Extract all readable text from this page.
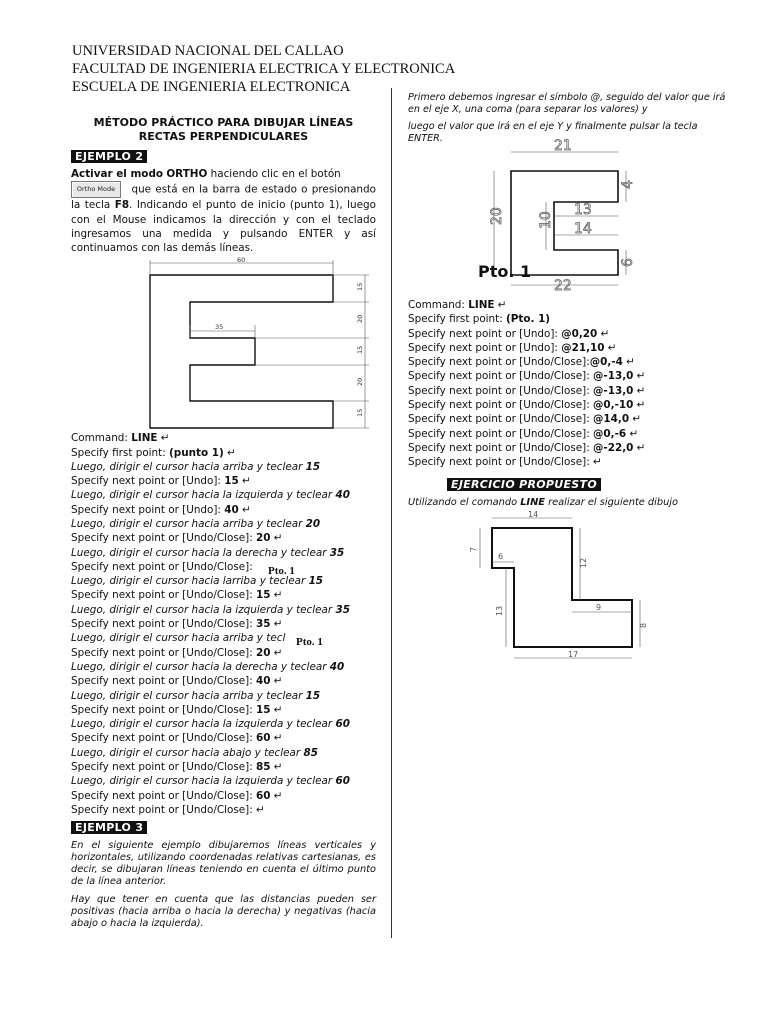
UNIVERSIDAD NACIONAL DEL CALLAO
FACULTAD DE INGENIERIA ELECTRICA Y ELECTRONICA
ESCUELA DE INGENIERIA ELECTRONICA
MÉTODO PRÁCTICO PARA DIBUJAR LÍNEAS
RECTAS PERPENDICULARES
EJEMPLO 2
Activar el modo ORTHO haciendo clic en el botón
Ortho Mode que está en la barra de estado o presionando la tecla F8. Indicando el punto de inicio (punto 1), luego con el Mouse indicamos la dirección y con el teclado ingresamos una medida y pulsando ENTER y así continuamos con las demás líneas.
60
35
15
20
15
20
15
Command: LINE ↵
Specify first point: (punto 1) ↵
Luego, dirigir el cursor hacia arriba y teclear 15
Specify next point or [Undo]: 15 ↵
Luego, dirigir el cursor hacia la izquierda y teclear 40
Specify next point or [Undo]: 40 ↵
Luego, dirigir el cursor hacia arriba y teclear 20
Specify next point or [Undo/Close]: 20 ↵
Luego, dirigir el cursor hacia la derecha y teclear 35
Specify next point or [Undo/Close]:
Luego, dirigir el cursor hacia larriba y teclear 15
Specify next point or [Undo/Close]: 15 ↵
Luego, dirigir el cursor hacia la izquierda y teclear 35
Specify next point or [Undo/Close]: 35 ↵
Luego, dirigir el cursor hacia arriba y tecl
Specify next point or [Undo/Close]: 20 ↵
Luego, dirigir el cursor hacia la derecha y teclear 40
Specify next point or [Undo/Close]: 40 ↵
Luego, dirigir el cursor hacia arriba y teclear 15
Specify next point or [Undo/Close]: 15 ↵
Luego, dirigir el cursor hacia la izquierda y teclear 60
Specify next point or [Undo/Close]: 60 ↵
Luego, dirigir el cursor hacia abajo y teclear 85
Specify next point or [Undo/Close]: 85 ↵
Luego, dirigir el cursor hacia la izquierda y teclear 60
Specify next point or [Undo/Close]: 60 ↵
Specify next point or [Undo/Close]: ↵
EJEMPLO 3
En el siguiente ejemplo dibujaremos líneas verticales y horizontales, utilizando coordenadas relativas cartesianas, es decir, se dibujaran líneas teniendo en cuenta el último punto de la línea anterior.
Hay que tener en cuenta que las distancias pueden ser positivas (hacia arriba o hacia la derecha) y negativas (hacia abajo o hacia la izquierda).
Pto. 1
Pto. 1
Primero debemos ingresar el símbolo @, seguido del valor que irá en el eje X, una coma (para separar los valores) y
luego el valor que irá en el eje Y y finalmente pulsar la tecla ENTER.	21
20
4
13
10 14
6
22
Pto. 1
Command: LINE ↵
Specify first point: (Pto. 1)
Specify next point or [Undo]: @0,20 ↵
Specify next point or [Undo]: @21,10 ↵
Specify next point or [Undo/Close]:@0,-4 ↵
Specify next point or [Undo/Close]: @-13,0 ↵
Specify next point or [Undo/Close]: @-13,0 ↵
Specify next point or [Undo/Close]: @0,-10 ↵
Specify next point or [Undo/Close]: @14,0 ↵
Specify next point or [Undo/Close]: @0,-6 ↵
Specify next point or [Undo/Close]: @-22,0 ↵
Specify next point or [Undo/Close]: ↵
EJERCICIO PROPUESTO
Utilizando el comando LINE realizar el siguiente dibujo
14
7
6
12
13	9
8
17
